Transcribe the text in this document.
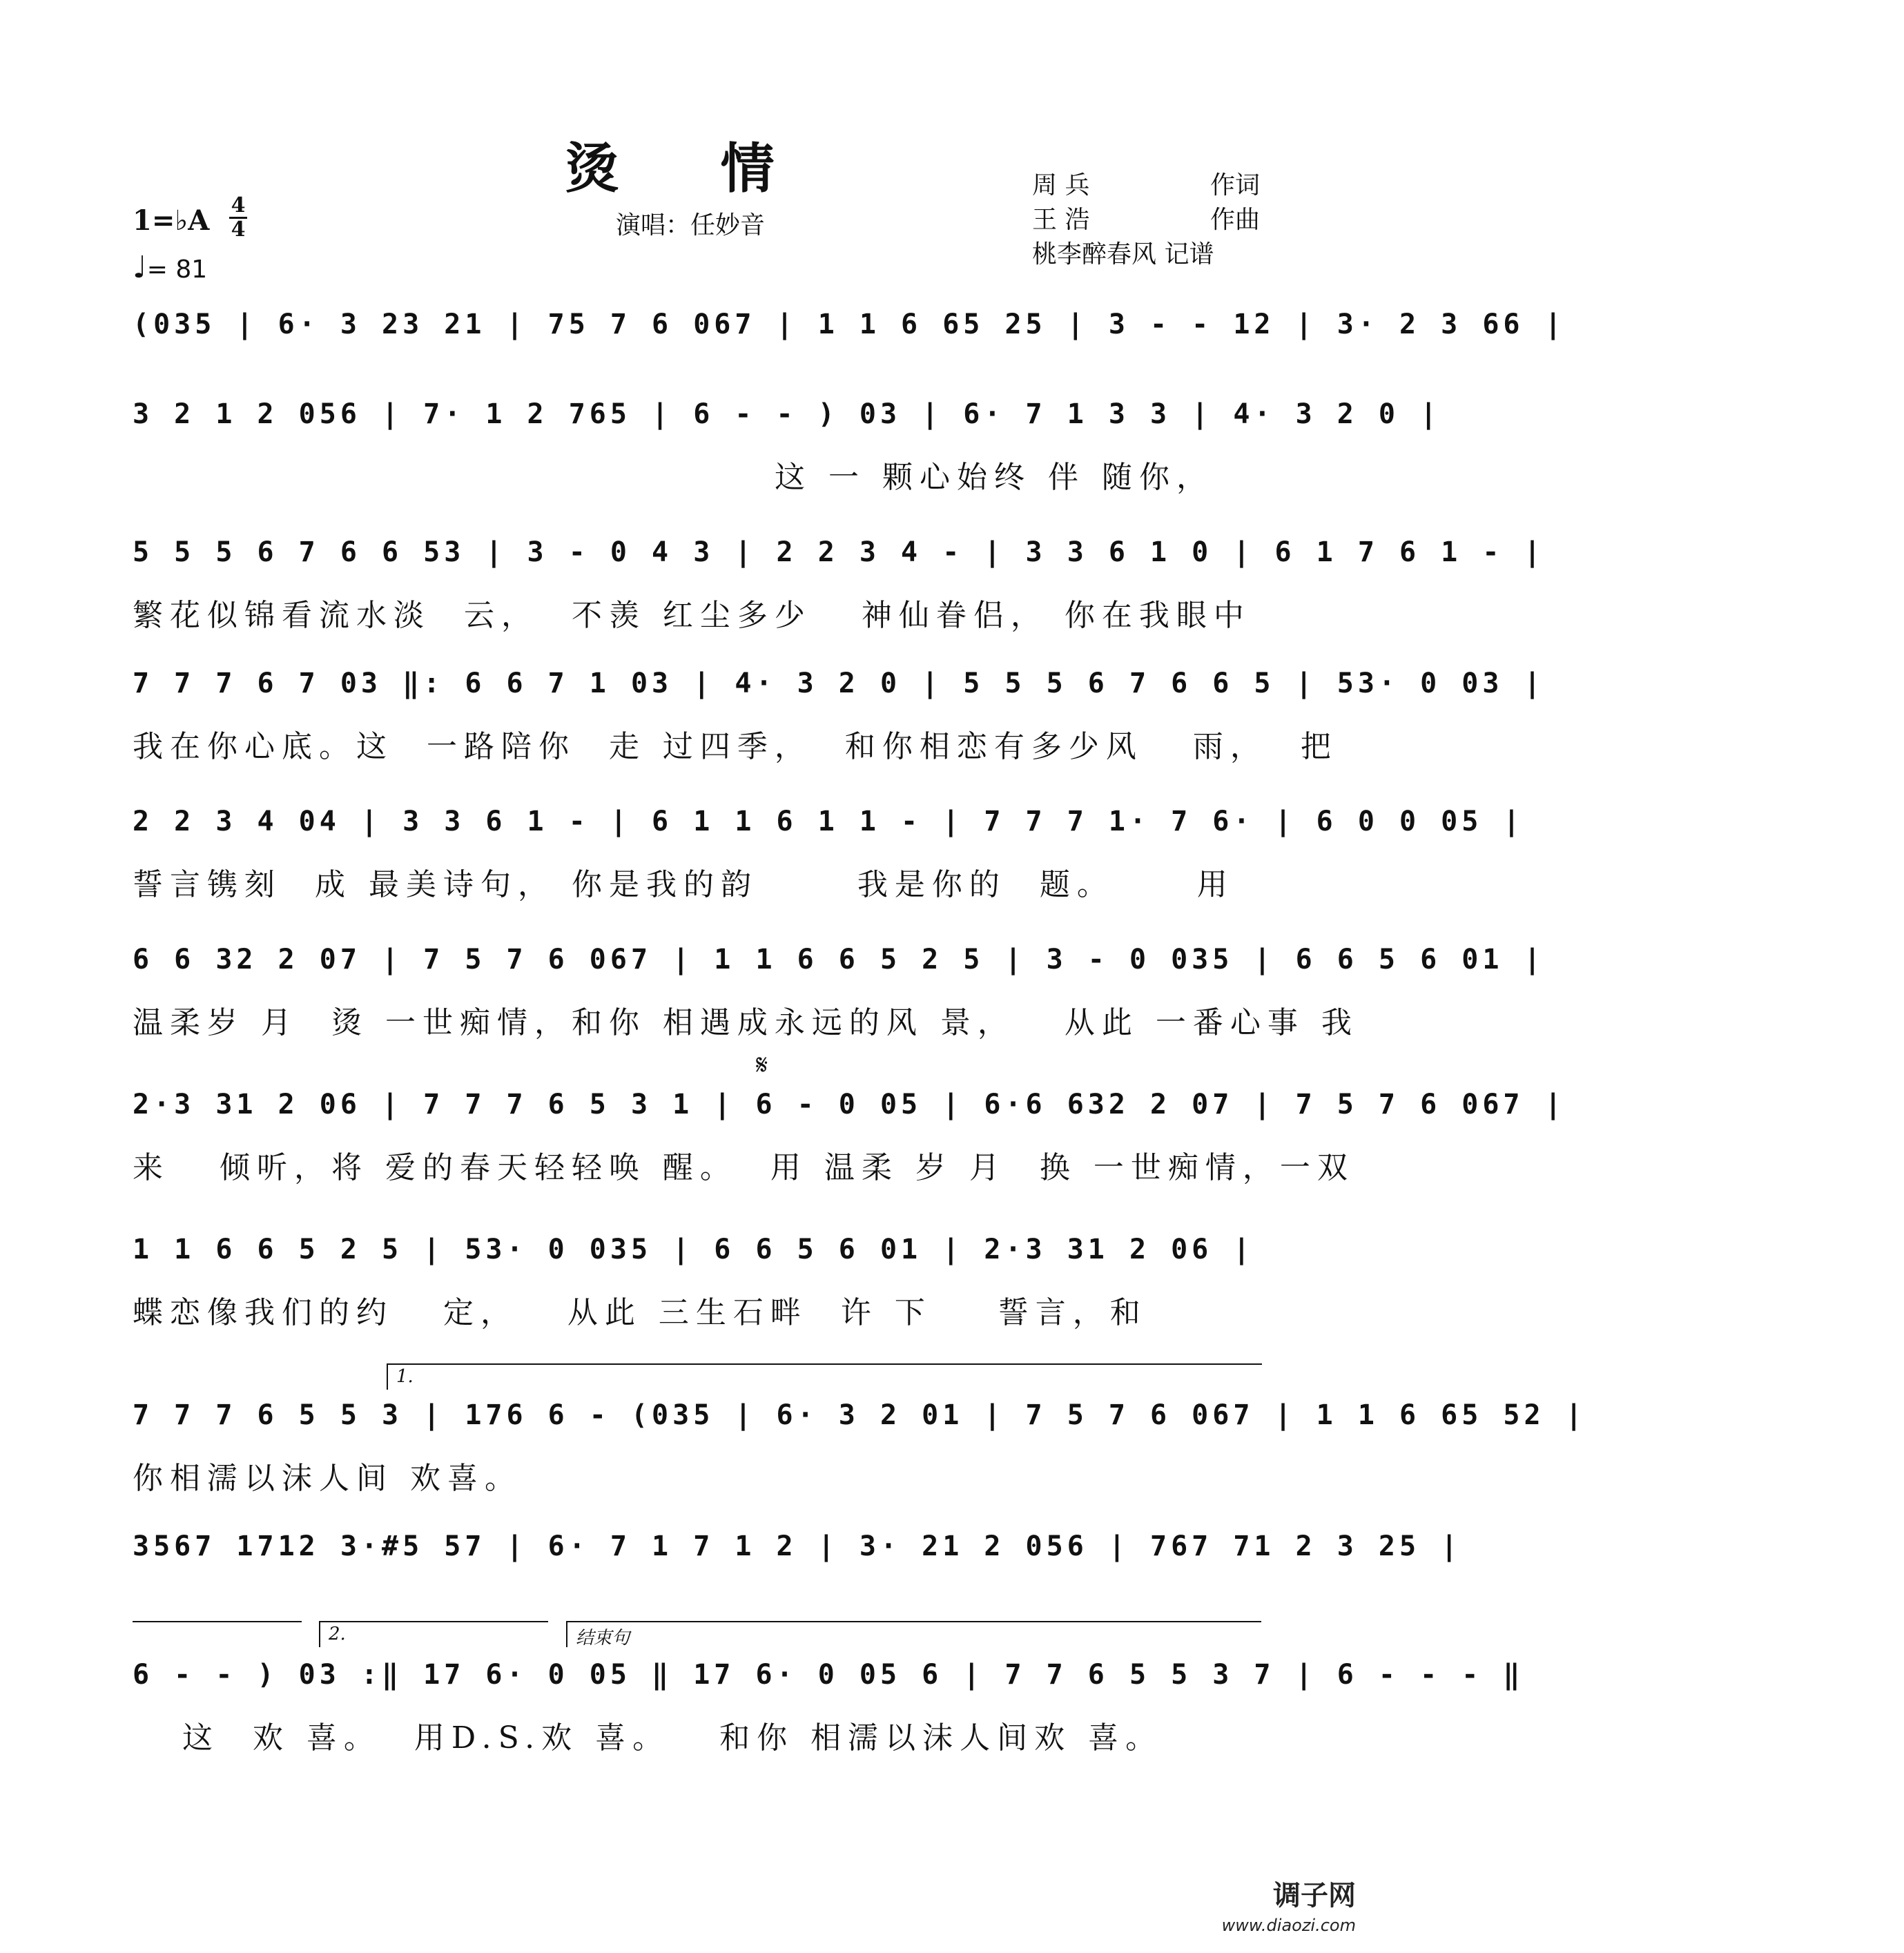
烫 情
演唱：任妙音
周 兵	作词
王 浩	作曲
桃李醉春风 记谱
1=♭A 4
4
♩= 81
(035 | 6· 3 23 21 | 75 7 6 067 | 1 1 6 65 25 | 3 - - 12 | 3· 2 3 66 |
3 2 1 2 056 | 7· 1 2 765 | 6 - - ) 03 | 6· 7 1 3 3 | 4· 3 2 0 |
这 一 颗心始终 伴 随你，
5 5 5 6 7 6 6 53 | 3 - 0 4 3 | 2 2 3 4 - | 3 3 6 1 0 | 6 1 7 6 1 - |
繁花似锦看流水淡  云，  不羡 红尘多少   神仙眷侣， 你在我眼中
7 7 7 6 7 03 ‖: 6 6 7 1 03 | 4· 3 2 0 | 5 5 5 6 7 6 6 5 | 53· 0 03 |
我在你心底。这  一路陪你  走 过四季，  和你相恋有多少风   雨，  把
2 2 3 4 04 | 3 3 6 1 - | 6 1 1 6 1 1 - | 7 7 7 1· 7 6· | 6 0 0 05 |
誓言镌刻  成 最美诗句， 你是我的韵      我是你的  题。     用
6 6 32 2 07 | 7 5 7 6 067 | 1 1 6 6 5 2 5 | 3 - 0 035 | 6 6 5 6 01 |
温柔岁 月  烫 一世痴情，和你 相遇成永远的风 景，   从此 一番心事 我
𝄋
2·3 31 2 06 | 7 7 7 6 5 3 1 | 6 - 0 05 | 6·6 632 2 07 | 7 5 7 6 067 |
来   倾听，将 爱的春天轻轻唤 醒。  用 温柔 岁 月  换 一世痴情，一双
1 1 6 6 5 2 5 | 53· 0 035 | 6 6 5 6 01 | 2·3 31 2 06 |
蝶恋像我们的约   定，   从此 三生石畔  许 下    誓言，和
1.
7 7 7 6 5 5 3 | 176 6 - (035 | 6· 3 2 01 | 7 5 7 6 067 | 1 1 6 65 52 |
你相濡以沫人间 欢喜。
3567 1712 3·#5 57 | 6· 7 1 7 1 2 | 3· 21 2 056 | 767 71 2 3 25 |
2.	结束句
6 - - ) 03 :‖ 17 6· 0 05 ‖ 17 6· 0 05 6 | 7 7 6 5 5 3 7 | 6 - - - ‖
这  欢 喜。  用D.S.欢 喜。   和你 相濡以沫人间欢 喜。
调子网
www.diaozi.com
